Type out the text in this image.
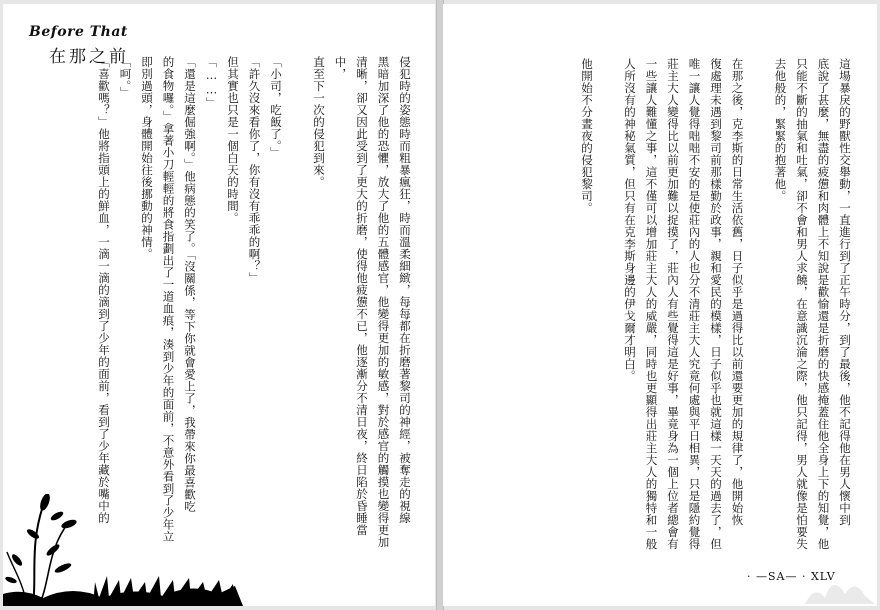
Before That
在那之前	侵犯時的姿態時而粗暴瘋狂，時而溫柔細緻，每每都在折磨著黎司的神經，被奪走的視線
黑暗加深了他的恐懼，放大了他的五體感官，他變得更加的敏感，對於感官的觸摸也變得更加
清晰，卻又因此受到了更大的折磨，使得他疲憊不已，他逐漸分不清日夜，終日陷於昏睡當中，
直至下一次的侵犯到來。

「小司，吃飯了。」
「許久沒來看你了，你有沒有乖乖的啊？」
但其實也只是一個白天的時間。
「……」
「還是這麼倔強啊。」他病態的笑了。「沒關係，等下你就會愛上了，我帶來你最喜歡吃
的食物囉。」拿著小刀輕輕的將食指劃出了一道血痕，湊到少年的面前，不意外看到了少年立
即別過頭，身體開始往後挪動的神情。
「呵。」
「喜歡嗎？」他將指頭上的鮮血，一滴一滴的滴到了少年的面前，看到了少年藏於嘴中的	這場暴戾的野獸性交舉動，一直進行到了正午時分，到了最後，他不記得他在男人懷中到
底說了甚麼，無盡的疲憊和肉體上不知說是歡愉還是折磨的快感掩蓋住他全身上下的知覺，他
只能不斷的抽氣和吐氣，卻不會和男人求饒，在意識沉淪之際，他只記得，男人就像是怕要失
去他般的，緊緊的抱著他。

在那之後，克李斯的日常生活依舊，日子似乎是過得比以前還要更加的規律了，他開始恢
復處理未遇到黎司前那樣勤於政事，親和愛民的模樣，日子似乎也就這樣一天天的過去了，但
唯一讓人覺得咄咄不安的是使莊內的人也分不清莊主大人究竟何處與平日相異，只是隱約覺得
莊主大人變得比以前更加難以捉摸了，莊內人有些覺得這是好事，畢竟身為一個上位者總會有
一些讓人難懂之事，這不僅可以增加莊主大人的威嚴，同時也更顯得出莊主大人的獨特和一般
人所沒有的神秘氣質，但只有在克李斯身邊的伊戈爾才明白。

他開始不分晝夜的侵犯黎司。
· —SA— · XLV
